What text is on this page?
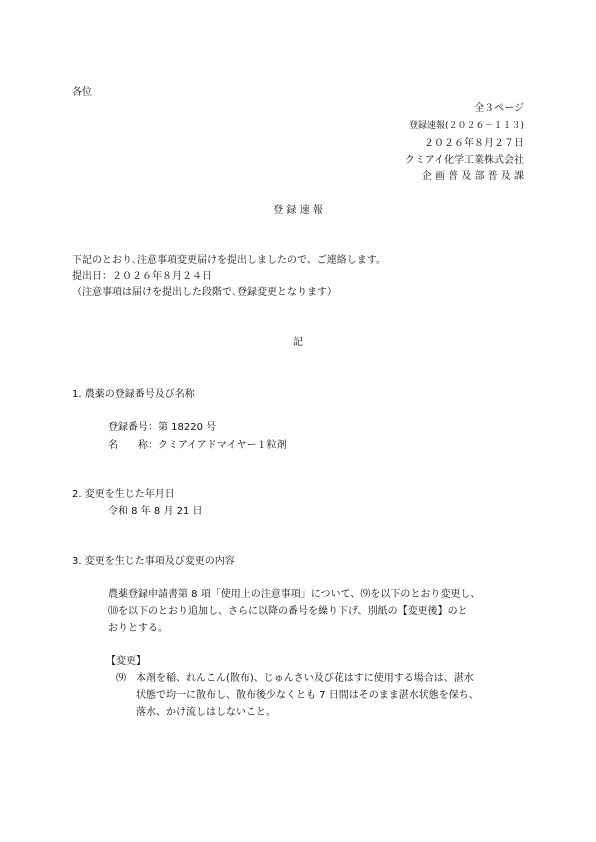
各位
全３ページ
登録速報(２０２６－１１３)
２０２６年８月２７日
クミアイ化学工業株式会社
企 画 普 及 部 普 及 課
登 録 速 報
下記のとおり､注意事項変更届けを提出しましたので、ご連絡します。
提出日：２０２６年８月２４日
（注意事項は届けを提出した段階で､登録変更となります）
記
1. 農薬の登録番号及び名称
登録番号：第 18220 号
名　　称：クミアイアドマイヤー１粒剤
2. 変更を生じた年月日
令和 8 年 8 月 21 日
3. 変更を生じた事項及び変更の内容
農薬登録申請書第 8 項「使用上の注意事項」について、⑼を以下のとおり変更し、
⑽を以下のとおり追加し、さらに以降の番号を繰り下げ、別紙の【変更後】のと
おりとする。
【変更】
⑼ 本剤を稲、れんこん(散布)、じゅんさい及び花はすに使用する場合は、湛水
状態で均一に散布し、散布後少なくとも 7 日間はそのまま湛水状態を保ち、
落水、かけ流しはしないこと。
